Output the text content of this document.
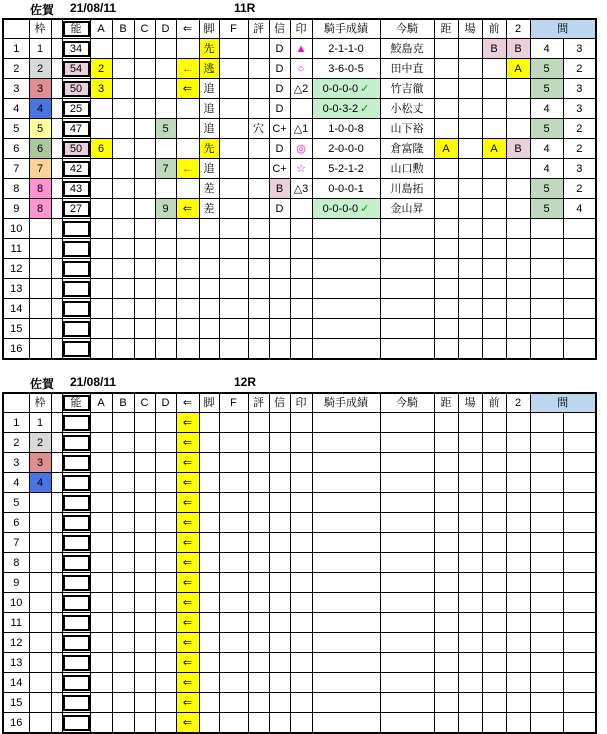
佐賀 21/08/11	11R
	枠		能	A	B	C	D	⇐	脚	F	評	信	印	騎手成績	今騎	距	場	前	2	間	
1	1		34						先			D	▲	2-1-1-0	鮫島克			B	B	4	3
2	2		54	2				←	逃			D	○	3-6-0-5	田中直				A	5	2
3	3		50	3				⇐	追			D	△2	0-0-0-0 ✓	竹吉徹					5	3
4	4		25						追			D		0-0-3-2 ✓	小松丈					4	3
5	5		47				5		追		穴	C+	△1	1-0-0-8	山下裕					5	2
6	6		50	6					先			D	◎	2-0-0-0	倉富隆	A		A	B	4	2
7	7		42				7	←	追			C+	☆	5-2-1-2	山口勲					4	3
8	8		43						差			B	△3	0-0-0-1	川島拓					5	2
9	8		27				9	⇐	差			D		0-0-0-0 ✓	金山昇					5	4
10			

11			

12			

13			

14			

15			

16			

佐賀 21/08/11	12R
	枠		能	A	B	C	D	⇐	脚	F	評	信	印	騎手成績	今騎	距	場	前	2	間	
1	1							⇐													
2	2							⇐													
3	3							⇐													
4	4							⇐													
5								⇐													
6								⇐													
7								⇐													
8								⇐													
9								⇐													
10								⇐													
11								⇐													
12								⇐													
13								⇐													
14								⇐													
15								⇐													
16								⇐													
